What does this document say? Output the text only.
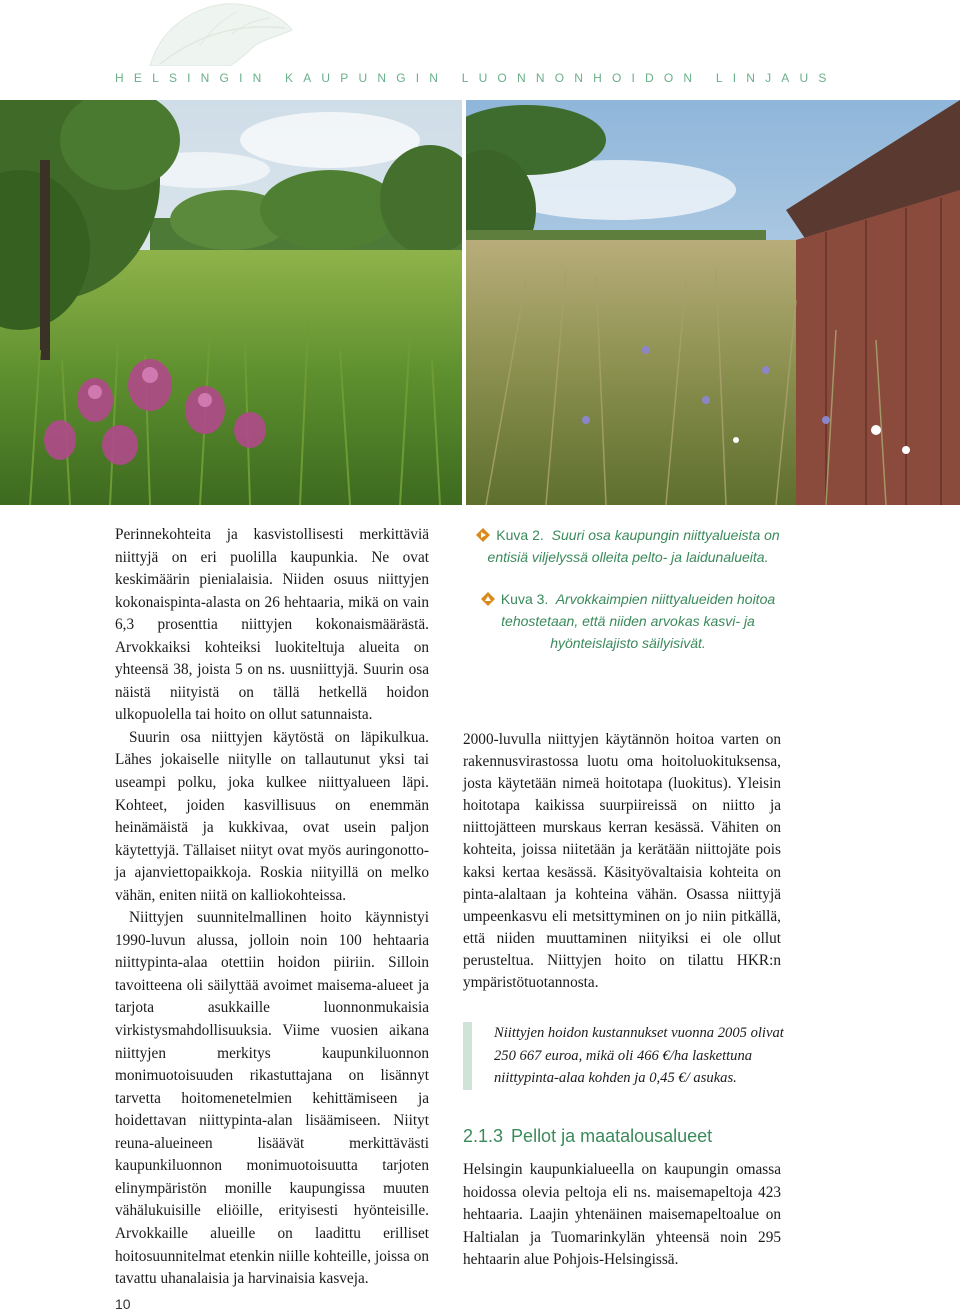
HELSINGIN KAUPUNGIN LUONNONHOIDON LINJAUS

Perinnekohteita ja kasvistollisesti merkittäviä niittyjä on eri puolilla kaupunkia. Ne ovat keskimäärin pienialaisia. Niiden osuus niittyjen kokonaispinta-alasta on 26 hehtaaria, mikä on vain 6,3 prosenttia niittyjen kokonaismäärästä. Arvokkaiksi kohteiksi luokiteltuja alueita on yhteensä 38, joista 5 on ns. uusniittyjä. Suurin osa näistä niityistä on tällä hetkellä hoidon ulkopuolella tai hoito on ollut satunnaista.

Suurin osa niittyjen käytöstä on läpikulkua. Lähes jokaiselle niitylle on tallautunut yksi tai useampi polku, joka kulkee niittyalueen läpi. Kohteet, joiden kasvillisuus on enemmän heinämäistä ja kukkivaa, ovat usein paljon käytettyjä. Tällaiset niityt ovat myös auringonotto- ja ajanviettopaikkoja. Roskia niityillä on melko vähän, eniten niitä on kalliokohteissa.

Niittyjen suunnitelmallinen hoito käynnistyi 1990-luvun alussa, jolloin noin 100 hehtaaria niittypinta-alaa otettiin hoidon piiriin. Silloin tavoitteena oli säilyttää avoimet maisema-alueet ja tarjota asukkaille luonnonmukaisia virkistysmahdollisuuksia. Viime vuosien aikana niittyjen merkitys kaupunkiluonnon monimuotoisuuden rikastuttajana on lisännyt tarvetta hoitomenetelmien kehittämiseen ja hoidettavan niittypinta-alan lisäämiseen. Niityt reuna-alueineen lisäävät merkittävästi kaupunkiluonnon monimuotoisuutta tarjoten elinympäristön monille kaupungissa muuten vähälukuisille eliöille, erityisesti hyönteisille. Arvokkaille alueille on laadittu erilliset hoitosuunnitelmat etenkin niille kohteille, joissa on tavattu uhanalaisia ja harvinaisia kasveja.

Kuva 2. Suuri osa kaupungin niittyalueista on entisiä viljelyssä olleita pelto- ja laidunalueita.

Kuva 3. Arvokkaimpien niittyalueiden hoitoa tehostetaan, että niiden arvokas kasvi- ja hyönteislajisto säilyisivät.

2000-luvulla niittyjen käytännön hoitoa varten on rakennusvirastossa luotu oma hoitoluokituksensa, josta käytetään nimeä hoitotapa (luokitus). Yleisin hoitotapa kaikissa suurpiireissä on niitto ja niittojätteen murskaus kerran kesässä. Vähiten on kohteita, joissa niitetään ja kerätään niittojäte pois kaksi kertaa kesässä. Käsityövaltaisia kohteita on pinta-alaltaan ja kohteina vähän. Osassa niittyjä umpeenkasvu eli metsittyminen on jo niin pitkällä, että niiden muuttaminen niityiksi ei ole ollut perusteltua. Niittyjen hoito on tilattu HKR:n ympäristötuotannosta.

Niittyjen hoidon kustannukset vuonna 2005 olivat 250 667 euroa, mikä oli 466 €/ha laskettuna niittypinta-alaa kohden ja 0,45 €/ asukas.
2.1.3 Pellot ja maatalousalueet
Helsingin kaupunkialueella on kaupungin omassa hoidossa olevia peltoja eli ns. maisemapeltoja 423 hehtaaria. Laajin yhtenäinen maisemapeltoalue on Haltialan ja Tuomarinkylän yhteensä noin 295 hehtaarin alue Pohjois-Helsingissä.
10
